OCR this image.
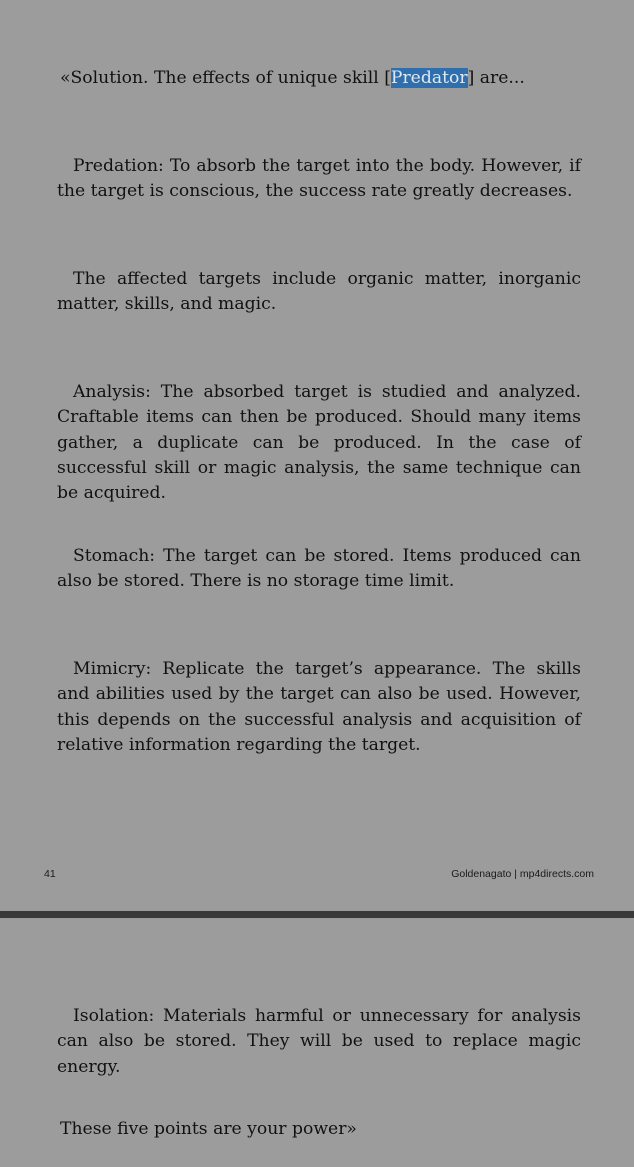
«Solution. The effects of unique skill [Predator] are...

Predation: To absorb the target into the body. However, if the target is conscious, the success rate greatly decreases.

The affected targets include organic matter, inorganic matter, skills, and magic.

Analysis: The absorbed target is studied and analyzed. Craftable items can then be produced. Should many items gather, a duplicate can be produced. In the case of successful skill or magic analysis, the same technique can be acquired.

Stomach: The target can be stored. Items produced can also be stored. There is no storage time limit.

Mimicry: Replicate the target’s appearance. The skills and abilities used by the target can also be used. However, this depends on the successful analysis and acquisition of relative information regarding the target.

41	Goldenagato | mp4directs.com

Isolation: Materials harmful or unnecessary for analysis can also be stored. They will be used to replace magic energy.

These five points are your power»
